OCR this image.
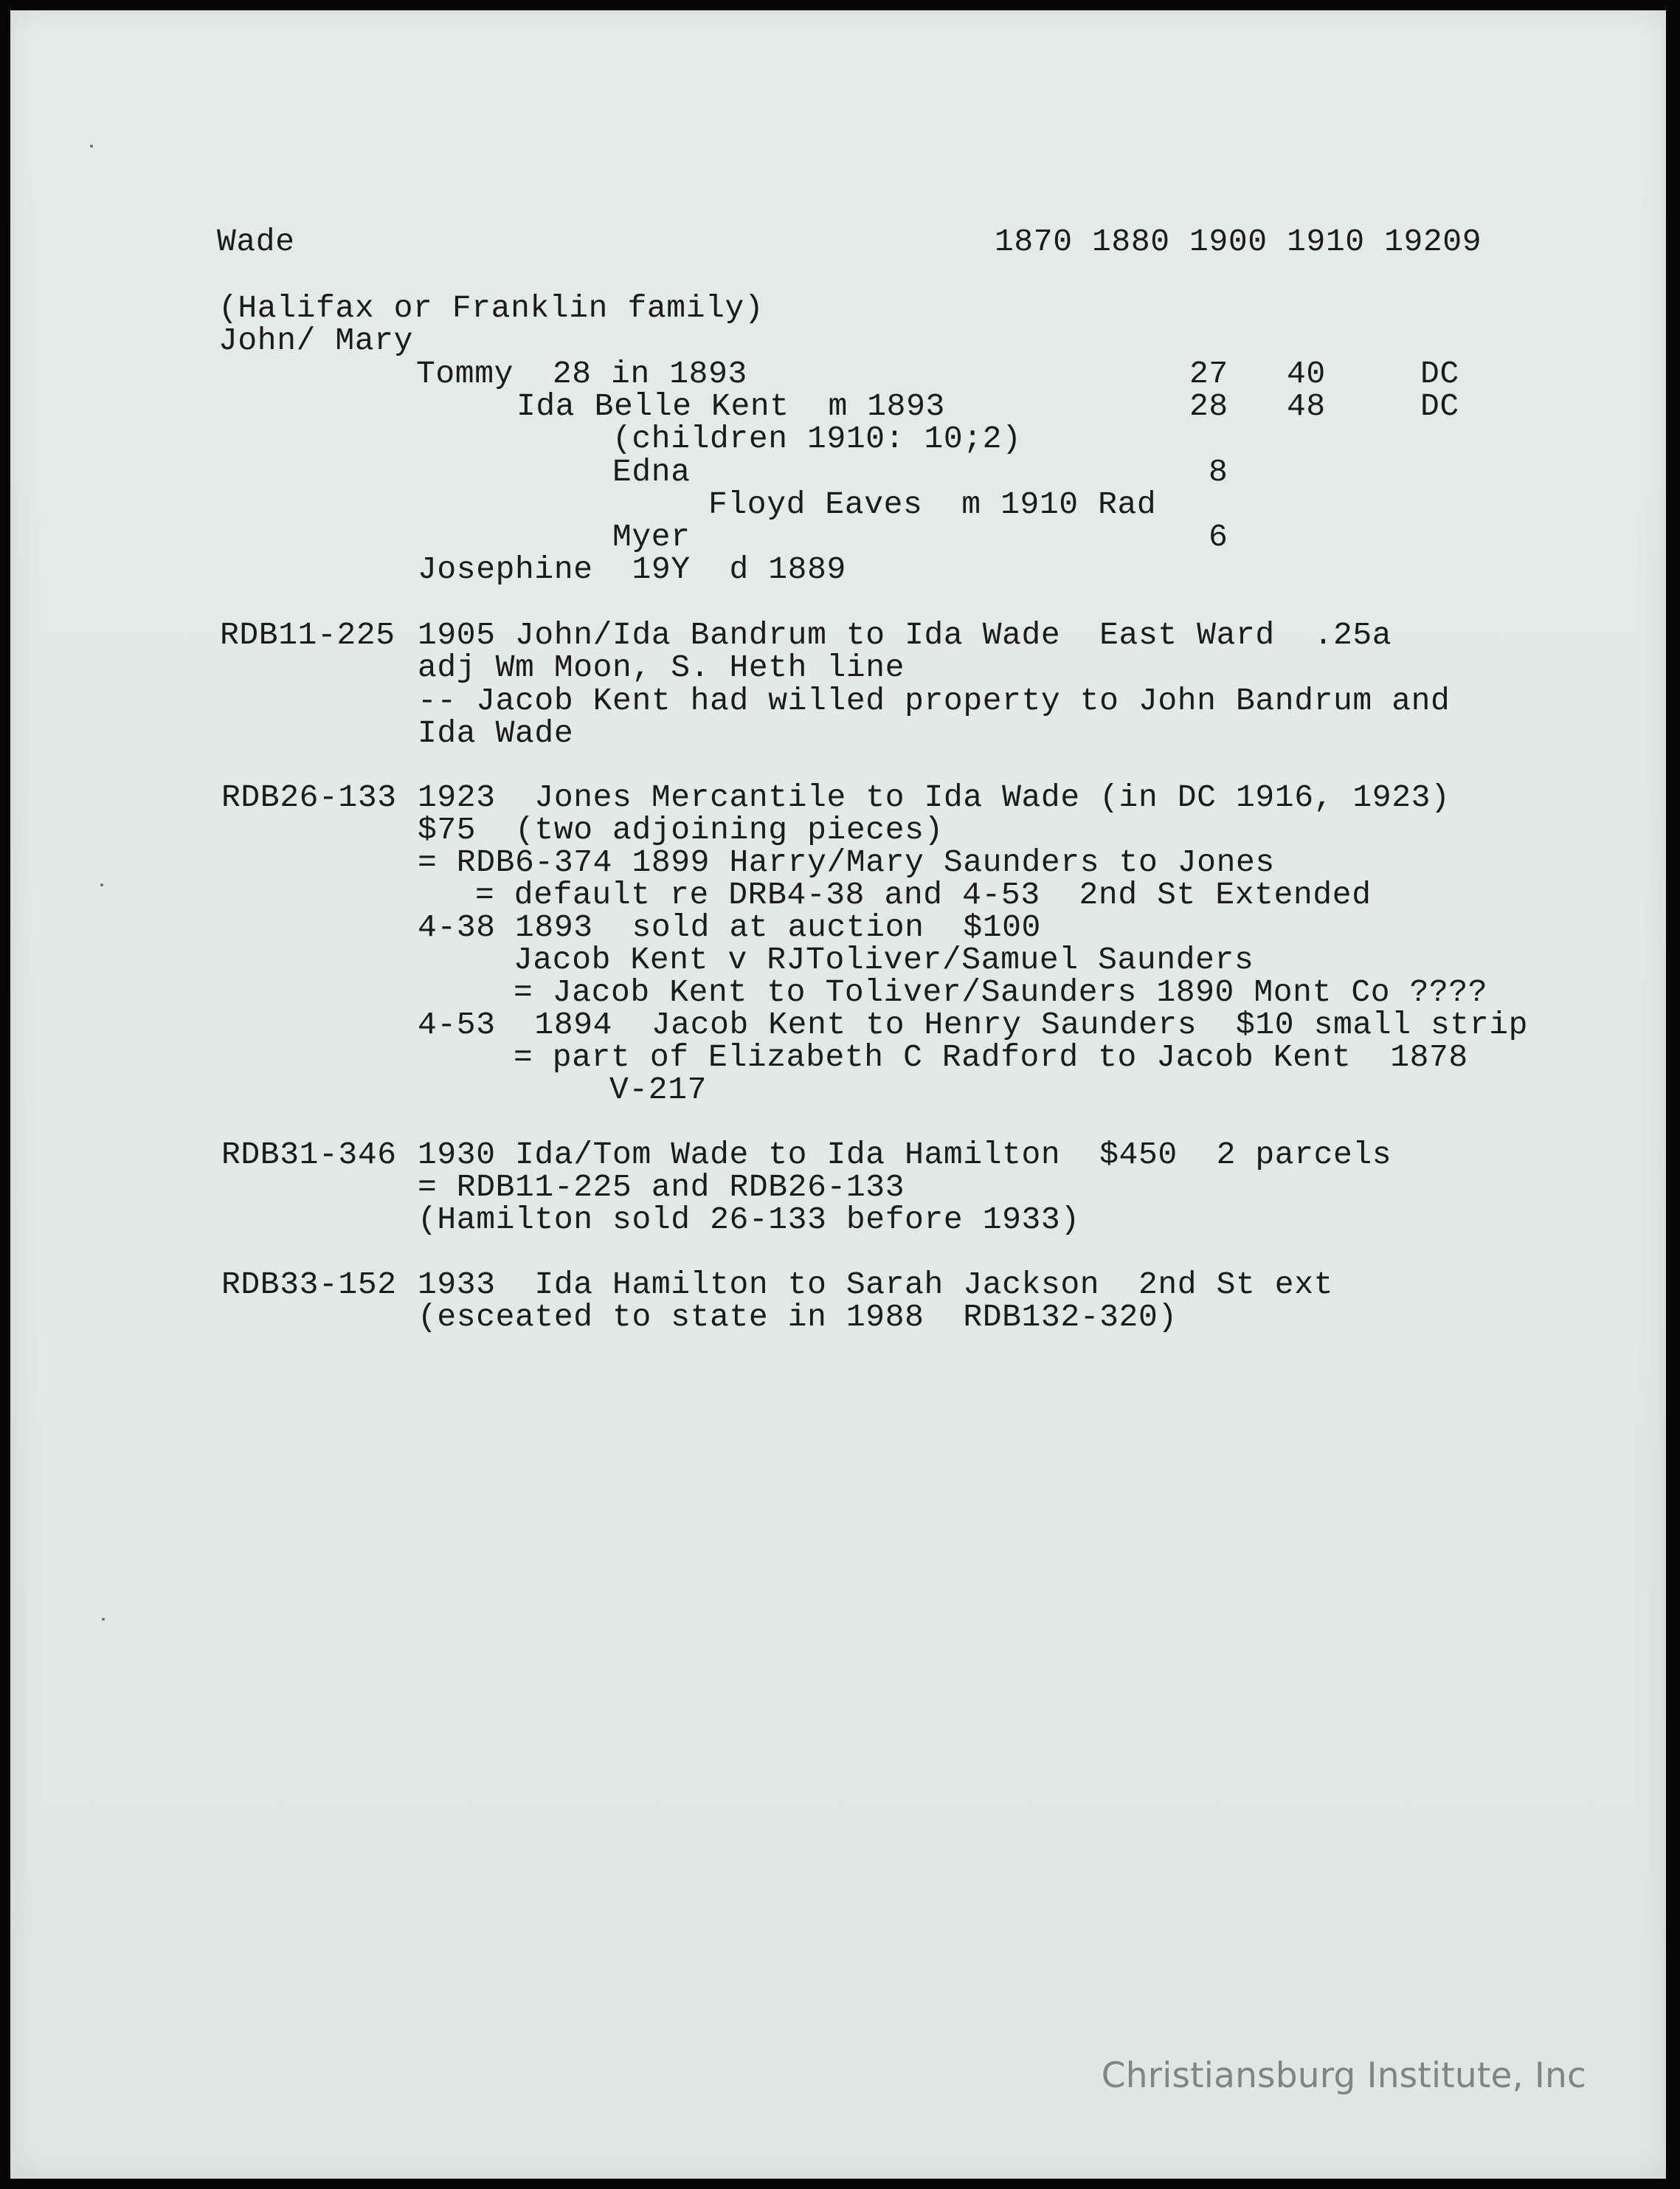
Wade	1870 1880 1900 1910 19209
(Halifax or Franklin family)
John/ Mary
Tommy  28 in 1893	27 40	DC
Ida Belle Kent  m 1893	28 48	DC
(children 1910: 10;2)
Edna	8
Floyd Eaves  m 1910 Rad
Myer	6
Josephine  19Y  d 1889
RDB11-225 1905 John/Ida Bandrum to Ida Wade  East Ward  .25a
adj Wm Moon, S. Heth line
-- Jacob Kent had willed property to John Bandrum and
Ida Wade
RDB26-133 1923  Jones Mercantile to Ida Wade (in DC 1916, 1923)
$75  (two adjoining pieces)
= RDB6-374 1899 Harry/Mary Saunders to Jones
= default re DRB4-38 and 4-53  2nd St Extended
4-38 1893  sold at auction  $100
Jacob Kent v RJToliver/Samuel Saunders
= Jacob Kent to Toliver/Saunders 1890 Mont Co ????
4-53  1894  Jacob Kent to Henry Saunders  $10 small strip
= part of Elizabeth C Radford to Jacob Kent  1878
V-217
RDB31-346 1930 Ida/Tom Wade to Ida Hamilton  $450  2 parcels
= RDB11-225 and RDB26-133
(Hamilton sold 26-133 before 1933)
RDB33-152 1933  Ida Hamilton to Sarah Jackson  2nd St ext
(esceated to state in 1988  RDB132-320)
Christiansburg Institute, Inc
